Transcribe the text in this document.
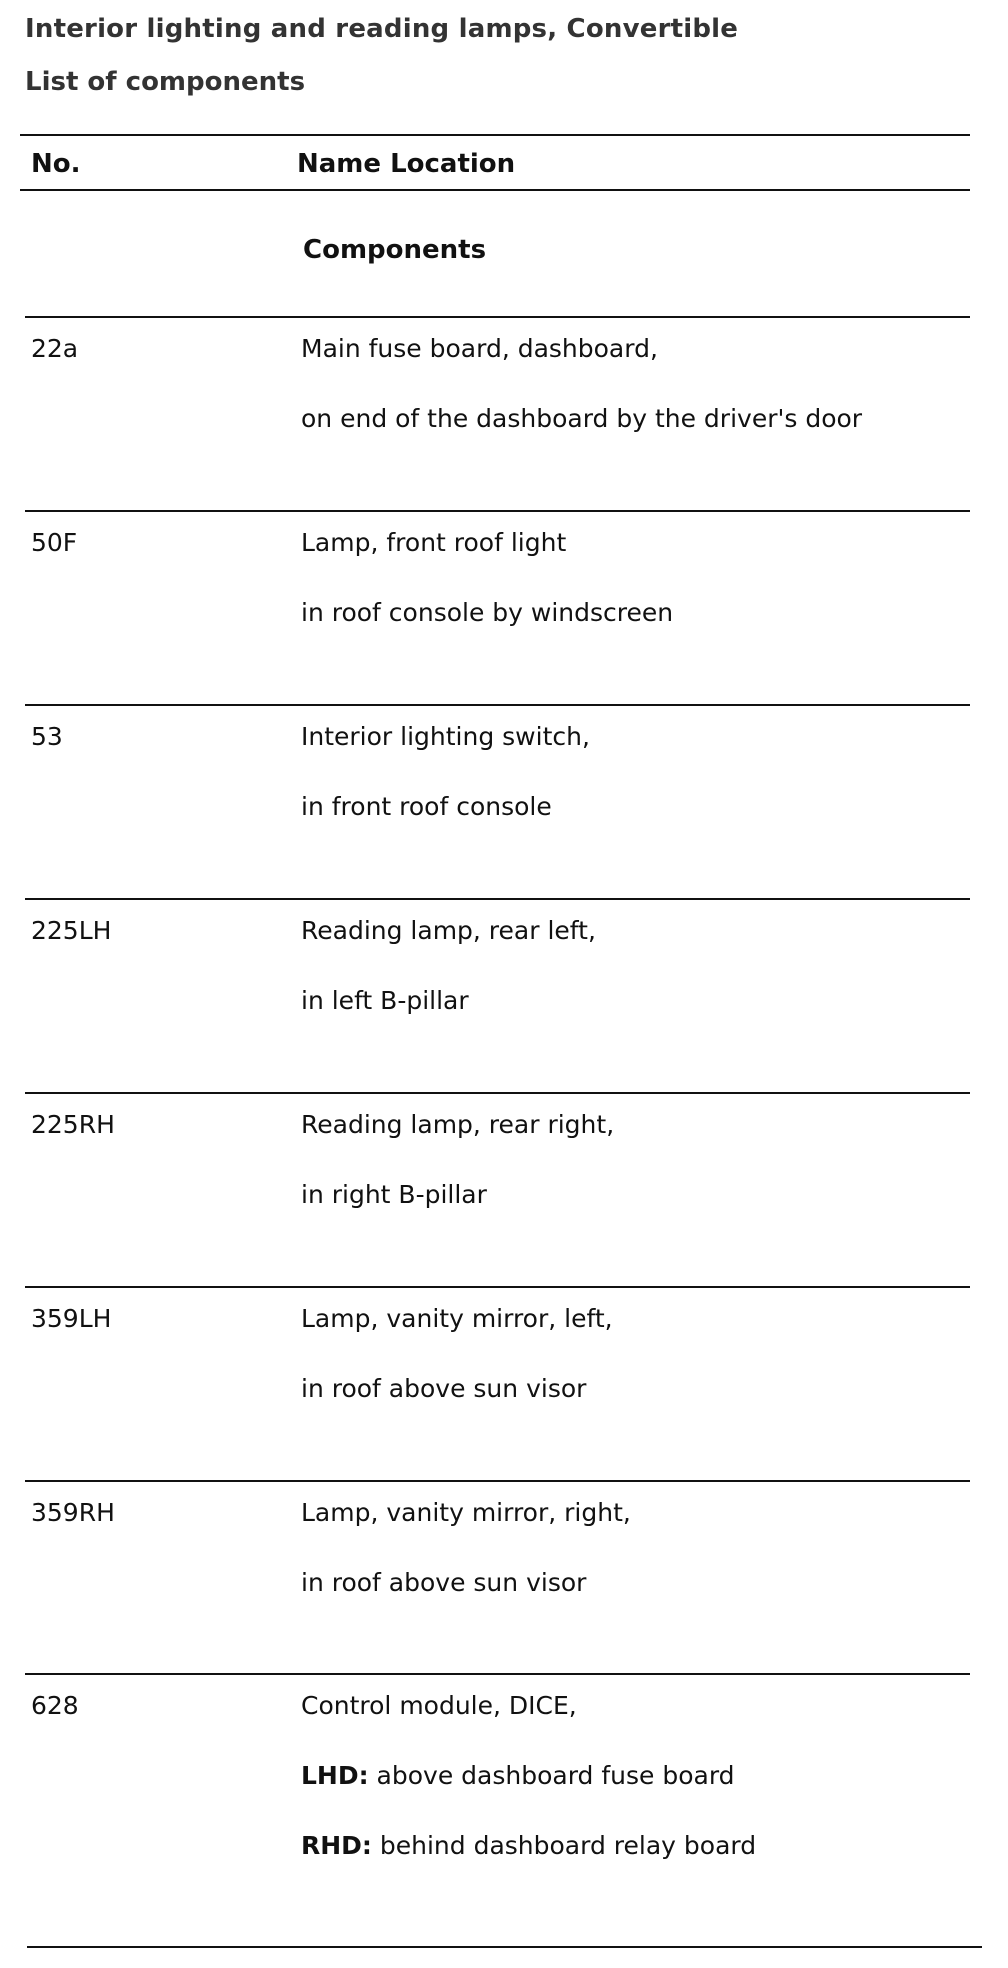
Interior lighting and reading lamps, Convertible
List of components
No.	Name Location
Components
22a	Main fuse board, dashboard,
on end of the dashboard by the driver's door
50F	Lamp, front roof light
in roof console by windscreen
53	Interior lighting switch,
in front roof console
225LH	Reading lamp, rear left,
in left B-pillar
225RH	Reading lamp, rear right,
in right B-pillar
359LH	Lamp, vanity mirror, left,
in roof above sun visor
359RH	Lamp, vanity mirror, right,
in roof above sun visor
628	Control module, DICE,
LHD: above dashboard fuse board
RHD: behind dashboard relay board
